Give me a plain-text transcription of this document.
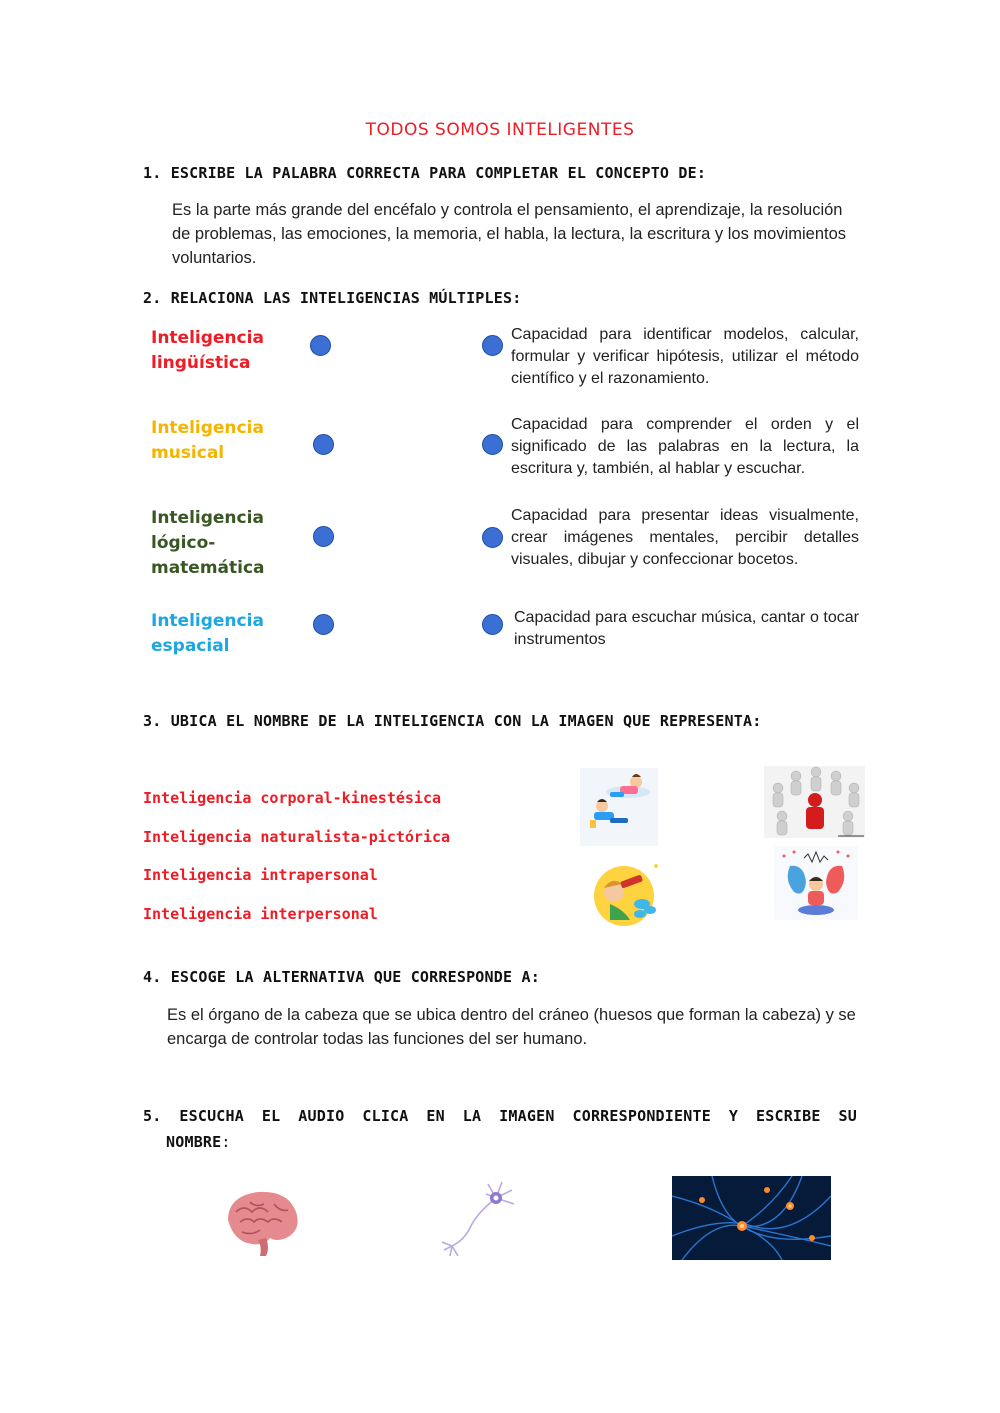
TODOS SOMOS INTELIGENTES
1. ESCRIBE LA PALABRA CORRECTA PARA COMPLETAR EL CONCEPTO DE:
Es la parte más grande del encéfalo y controla el pensamiento, el aprendizaje, la resolución de problemas, las emociones, la memoria, el habla, la lectura, la escritura y los movimientos voluntarios.
2. RELACIONA LAS INTELIGENCIAS MÚLTIPLES:
Inteligencia
lingüística
Inteligencia
musical
Inteligencia
lógico-
matemática
Inteligencia
espacial
Capacidad para identificar modelos, calcular, formular y verificar hipótesis, utilizar el método científico y el razonamiento.
Capacidad para comprender el orden y el significado de las palabras en la lectura, la escritura y, también, al hablar y escuchar.
Capacidad para presentar ideas visualmente, crear imágenes mentales, percibir detalles visuales, dibujar y confeccionar bocetos.
Capacidad para escuchar música, cantar o tocar instrumentos
3. UBICA EL NOMBRE DE LA INTELIGENCIA CON LA IMAGEN QUE REPRESENTA:
Inteligencia corporal-kinestésica
Inteligencia naturalista-pictórica
Inteligencia intrapersonal
Inteligencia interpersonal
4. ESCOGE LA ALTERNATIVA QUE CORRESPONDE A:
Es el órgano de la cabeza que se ubica dentro del cráneo (huesos que forman la cabeza) y se encarga de controlar todas las funciones del ser humano.
5. ESCUCHA EL AUDIO CLICA EN LA IMAGEN CORRESPONDIENTE Y ESCRIBE SU
NOMBRE:
